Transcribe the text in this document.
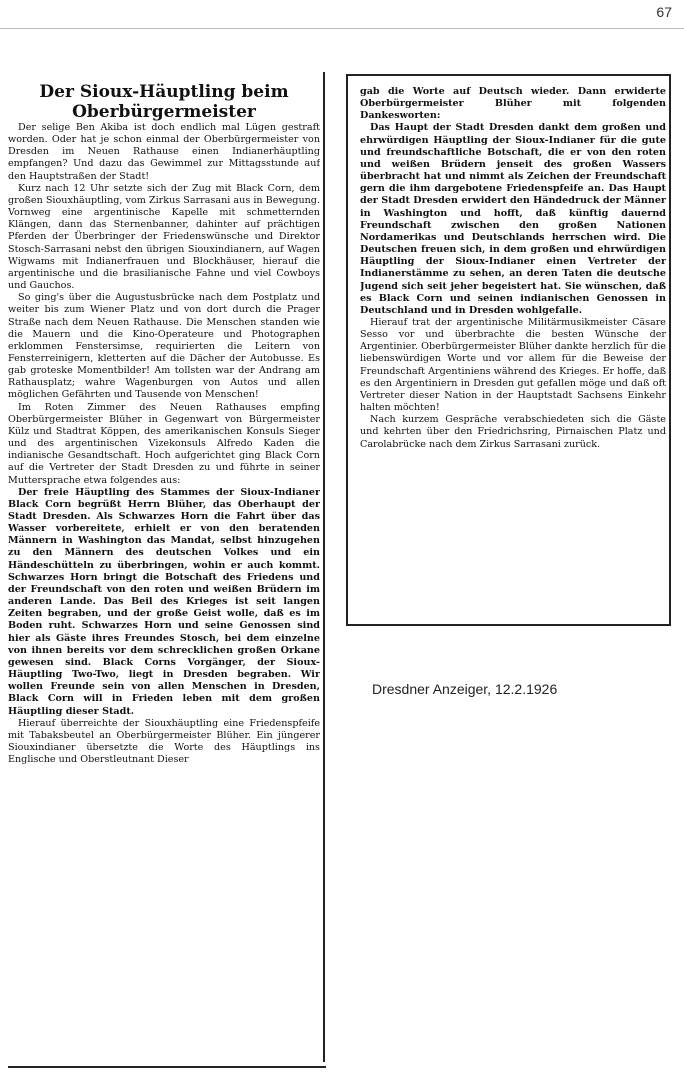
67

Der Sioux-Häuptling beim Oberbürgermeister

Der selige Ben Akiba ist doch endlich mal Lügen gestraft worden. Oder hat je schon einmal der Oberbürgermeister von Dresden im Neuen Rathause einen Indianerhäuptling empfangen? Und dazu das Gewimmel zur Mittagsstunde auf den Hauptstraßen der Stadt!

Kurz nach 12 Uhr setzte sich der Zug mit Black Corn, dem großen Siouxhäuptling, vom Zirkus Sarrasani aus in Bewegung. Vornweg eine argentinische Kapelle mit schmetternden Klängen, dann das Sternenbanner, dahinter auf prächtigen Pferden der Überbringer der Friedenswünsche und Direktor Stosch-Sarrasani nebst den übrigen Siouxindianern, auf Wagen Wigwams mit Indianerfrauen und Blockhäuser, hierauf die argentinische und die brasilianische Fahne und viel Cowboys und Gauchos.

So ging's über die Augustusbrücke nach dem Postplatz und weiter bis zum Wiener Platz und von dort durch die Prager Straße nach dem Neuen Rathause. Die Menschen standen wie die Mauern und die Kino-Operateure und Photographen erklommen Fenstersimse, requirierten die Leitern von Fensterreinigern, kletterten auf die Dächer der Autobusse. Es gab groteske Momentbilder! Am tollsten war der Andrang am Rathausplatz; wahre Wagenburgen von Autos und allen möglichen Gefährten und Tausende von Menschen!

Im Roten Zimmer des Neuen Rathauses empfing Oberbürgermeister Blüher in Gegenwart von Bürgermeister Külz und Stadtrat Köppen, des amerikanischen Konsuls Sieger und des argentinischen Vizekonsuls Alfredo Kaden die indianische Gesandtschaft. Hoch aufgerichtet ging Black Corn auf die Vertreter der Stadt Dresden zu und führte in seiner Muttersprache etwa folgendes aus:

Der freie Häuptling des Stammes der Sioux-Indianer Black Corn begrüßt Herrn Blüher, das Oberhaupt der Stadt Dresden. Als Schwarzes Horn die Fahrt über das Wasser vorbereitete, erhielt er von den beratenden Männern in Washington das Mandat, selbst hinzugehen zu den Männern des deutschen Volkes und ein Händeschütteln zu überbringen, wohin er auch kommt. Schwarzes Horn bringt die Botschaft des Friedens und der Freundschaft von den roten und weißen Brüdern im anderen Lande. Das Beil des Krieges ist seit langen Zeiten begraben, und der große Geist wolle, daß es im Boden ruht. Schwarzes Horn und seine Genossen sind hier als Gäste ihres Freundes Stosch, bei dem einzelne von ihnen bereits vor dem schrecklichen großen Orkane gewesen sind. Black Corns Vorgänger, der Sioux-Häuptling Two-Two, liegt in Dresden begraben. Wir wollen Freunde sein von allen Menschen in Dresden, Black Corn will in Frieden leben mit dem großen Häuptling dieser Stadt.

Hierauf überreichte der Siouxhäuptling eine Friedenspfeife mit Tabaksbeutel an Oberbürgermeister Blüher. Ein jüngerer Siouxindianer übersetzte die Worte des Häuptlings ins Englische und Oberstleutnant Dieser

gab die Worte auf Deutsch wieder. Dann erwiderte Oberbürgermeister Blüher mit folgenden Dankesworten:

Das Haupt der Stadt Dresden dankt dem großen und ehrwürdigen Häuptling der Sioux-Indianer für die gute und freundschaftliche Botschaft, die er von den roten und weißen Brüdern jenseit des großen Wassers überbracht hat und nimmt als Zeichen der Freundschaft gern die ihm dargebotene Friedenspfeife an. Das Haupt der Stadt Dresden erwidert den Händedruck der Männer in Washington und hofft, daß künftig dauernd Freundschaft zwischen den großen Nationen Nordamerikas und Deutschlands herrschen wird. Die Deutschen freuen sich, in dem großen und ehrwürdigen Häuptling der Sioux-Indianer einen Vertreter der Indianerstämme zu sehen, an deren Taten die deutsche Jugend sich seit jeher begeistert hat. Sie wünschen, daß es Black Corn und seinen indianischen Genossen in Deutschland und in Dresden wohlgefalle.

Hierauf trat der argentinische Militärmusikmeister Cäsare Sesso vor und überbrachte die besten Wünsche der Argentinier. Oberbürgermeister Blüher dankte herzlich für die liebenswürdigen Worte und vor allem für die Beweise der Freundschaft Argentiniens während des Krieges. Er hoffe, daß es den Argentiniern in Dresden gut gefallen möge und daß oft Vertreter dieser Nation in der Hauptstadt Sachsens Einkehr halten möchten!

Nach kurzem Gespräche verabschiedeten sich die Gäste und kehrten über den Friedrichsring, Pirnaischen Platz und Carolabrücke nach dem Zirkus Sarrasani zurück.

Dresdner Anzeiger, 12.2.1926
